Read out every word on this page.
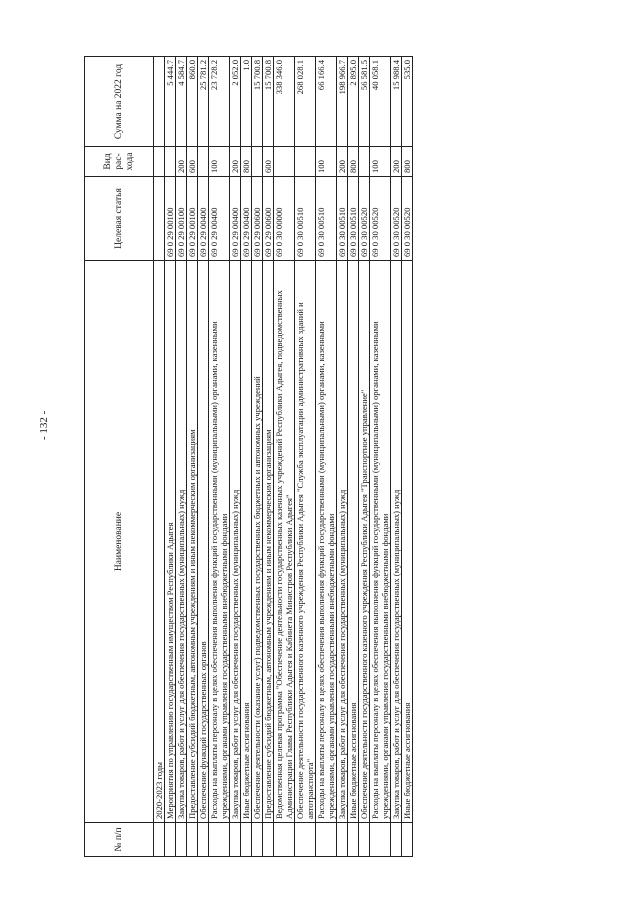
- 132 -
№ п/п	Наименование	Целевая статья	Вид рас-хода	Сумма на 2022 год
	2020-2023 годы			
	Мероприятия по управлению государственным имуществом Республики Адыгея	69 0 29 00100		5 444.7
	Закупка товаров, работ и услуг для обеспечения государственных (муниципальных) нужд	69 0 29 00100	200	4 584.7
	Предоставление субсидий бюджетным, автономным учреждениям и иным некоммерческим организациям	69 0 29 00100	600	860.0
	Обеспечение функций государственных органов	69 0 29 00400		25 781.2
	Расходы на выплаты персоналу в целях обеспечения выполнения функций государственными (муниципальными) органами, казенными учреждениями, органами управления государственными внебюджетными фондами	69 0 29 00400	100	23 728.2
	Закупка товаров, работ и услуг для обеспечения государственных (муниципальных) нужд	69 0 29 00400	200	2 052.0
	Иные бюджетные ассигнования	69 0 29 00400	800	1.0
	Обеспечение деятельности (оказание услуг) подведомственных государственных бюджетных и автономных учреждений	69 0 29 00600		15 700.8
	Предоставление субсидий бюджетным, автономным учреждениям и иным некоммерческим организациям	69 0 29 00600	600	15 700.8
	Ведомственная целевая программа "Обеспечение деятельности государственных казенных учреждений Республики Адыгея, подведомственных Администрации Главы Республики Адыгея и Кабинета Министров Республики Адыгея"	69 0 30 00000		338 346.0
	Обеспечение деятельности государственного казенного учреждения Республики Адыгея "Служба эксплуатации административных зданий и автотранспорта"	69 0 30 00510		268 028.1
	Расходы на выплаты персоналу в целях обеспечения выполнения функций государственными (муниципальными) органами, казенными учреждениями, органами управления государственными внебюджетными фондами	69 0 30 00510	100	66 166.4
	Закупка товаров, работ и услуг для обеспечения государственных (муниципальных) нужд	69 0 30 00510	200	198 966.7
	Иные бюджетные ассигнования	69 0 30 00510	800	2 895.0
	Обеспечение деятельности государственного казенного учреждения Республики Адыгея "Транспортное управление"	69 0 30 00520		56 581.5
	Расходы на выплаты персоналу в целях обеспечения выполнения функций государственными (муниципальными) органами, казенными учреждениями, органами управления государственными внебюджетными фондами	69 0 30 00520	100	40 058.1
	Закупка товаров, работ и услуг для обеспечения государственных (муниципальных) нужд	69 0 30 00520	200	15 988.4
	Иные бюджетные ассигнования	69 0 30 00520	800	535.0
